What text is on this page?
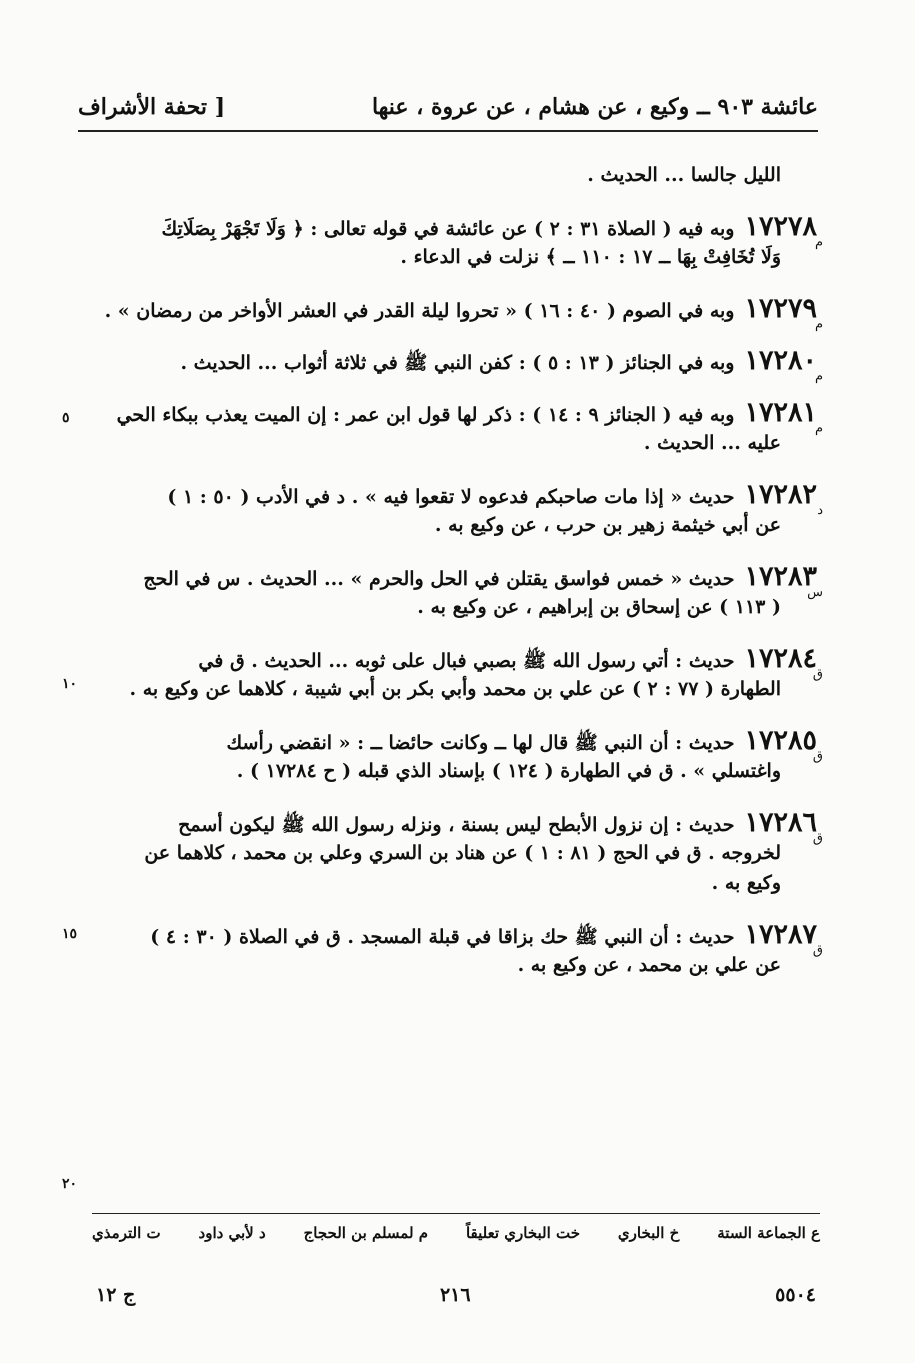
عائشة ٩٠٣ ــ وكيع ، عن هشام ، عن عروة ، عنها
[ تحفة الأشراف
الليل جالسا ... الحديث .
١٧٢٧٨وبه فيه ( الصلاة ٣١ : ٢ ) عن عائشة في قوله تعالى : ﴿ وَلَا تَجْهَرْ بِصَلَاتِكَ
م
وَلَا تُخَافِتْ بِهَا ــ ١٧ : ١١٠ ــ ﴾ نزلت في الدعاء .
١٧٢٧٩وبه في الصوم ( ٤٠ : ١٦ ) « تحروا ليلة القدر في العشر الأواخر من رمضان » .
م
١٧٢٨٠وبه في الجنائز ( ١٣ : ٥ ) : كفن النبي ﷺ في ثلاثة أثواب ... الحديث .
م
١٧٢٨١وبه فيه ( الجنائز ٩ : ١٤ ) : ذكر لها قول ابن عمر : إن الميت يعذب ببكاء الحي
م
عليه ... الحديث .
١٧٢٨٢حديث « إذا مات صاحبكم فدعوه لا تقعوا فيه » . د في الأدب ( ٥٠ : ١ )
د
عن أبي خيثمة زهير بن حرب ، عن وكيع به .
١٧٢٨٣حديث « خمس فواسق يقتلن في الحل والحرم » ... الحديث . س في الحج
س
( ١١٣ ) عن إسحاق بن إبراهيم ، عن وكيع به .
١٧٢٨٤حديث : أتي رسول الله ﷺ بصبي فبال على ثوبه ... الحديث . ق في
ق
الطهارة ( ٧٧ : ٢ ) عن علي بن محمد وأبي بكر بن أبي شيبة ، كلاهما عن وكيع به .
١٧٢٨٥حديث : أن النبي ﷺ قال لها ــ وكانت حائضا ــ : « انقضي رأسك
ق
واغتسلي » . ق في الطهارة ( ١٢٤ ) بإسناد الذي قبله ( ح ١٧٢٨٤ ) .
١٧٢٨٦حديث : إن نزول الأبطح ليس بسنة ، ونزله رسول الله ﷺ ليكون أسمح
ق
لخروجه . ق في الحج ( ٨١ : ١ ) عن هناد بن السري وعلي بن محمد ، كلاهما عن
وكيع به .
١٧٢٨٧حديث : أن النبي ﷺ حك بزاقا في قبلة المسجد . ق في الصلاة ( ٣٠ : ٤ )
ق
عن علي بن محمد ، عن وكيع به .
٥
١٠
١٥
٢٠
ع الجماعة الستة
خ البخاري
خت البخاري تعليقاً
م لمسلم بن الحجاج
د لأبي داود
ت الترمذي
٥٥٠٤
٢١٦
ج ١٢
